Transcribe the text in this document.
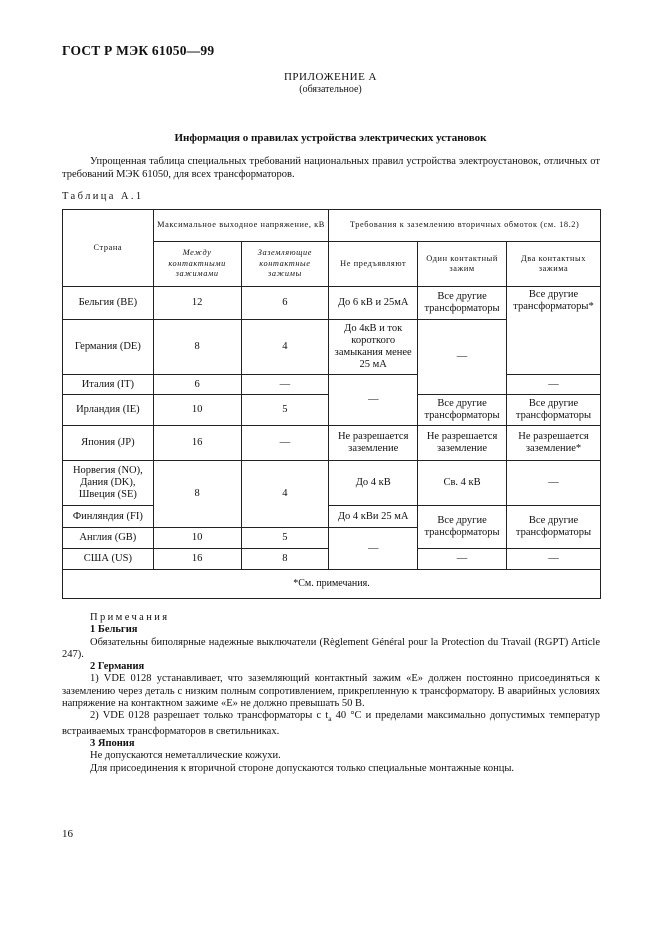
ГОСТ Р МЭК 61050—99
ПРИЛОЖЕНИЕ А
(обязательное)
Информация о правилах устройства электрических установок
Упрощенная таблица специальных требований национальных правил устройства электроустановок, отличных от требований МЭК 61050, для всех трансформаторов.
Таблица А.1
Страна	Максимальное выходное напряжение, кВ		Требования к заземлению вторичных обмоток (см. 18.2)		
	Между контактными зажимами	Заземляющие контактные зажимы	Не предъявляют	Один контактный зажим	Два контактных зажима
Бельгия (BE)	12	6	До 6 кВ и 25мА	Все другие трансформаторы	Все другие трансформаторы*
Германия (DE)	8	4	До 4кВ и ток короткого замыкания менее 25 мА	—	
Италия (IT)	6	—	—		—
Ирландия (IE)	10	5		Все другие трансформаторы	Все другие трансформаторы
Япония (JP)	16	—	Не разрешается заземление	Не разрешается заземление	Не разрешается заземление*
Норвегия (NO), Дания (DK), Швеция (SE)	8	4	До 4 кВ	Св. 4 кВ	—
Финляндия (FI)			До 4 кВи 25 мА	Все другие трансформаторы	Все другие трансформаторы
Англия (GB)	10	5	—		
США (US)	16	8		—	—
*См. примечания.					

Примечания

1 Бельгия

Обязательны биполярные надежные выключатели (Règlement Général pour la Protection du Travail (RGPT) Article 247).

2 Германия

1) VDE 0128 устанавливает, что заземляющий контактный зажим «Е» должен постоянно присоединяться к заземлению через деталь с низким полным сопротивлением, прикрепленную к трансформатору. В аварийных условиях напряжение на контактном зажиме «Е» не должно превышать 50 В.

2) VDE 0128 разрешает только трансформаторы с $t_a$ 40 °С и пределами максимально допустимых температур встраиваемых трансформаторов в светильниках.

3 Япония

Не допускаются неметаллические кожухи.

Для присоединения к вторичной стороне допускаются только специальные монтажные концы.

16
